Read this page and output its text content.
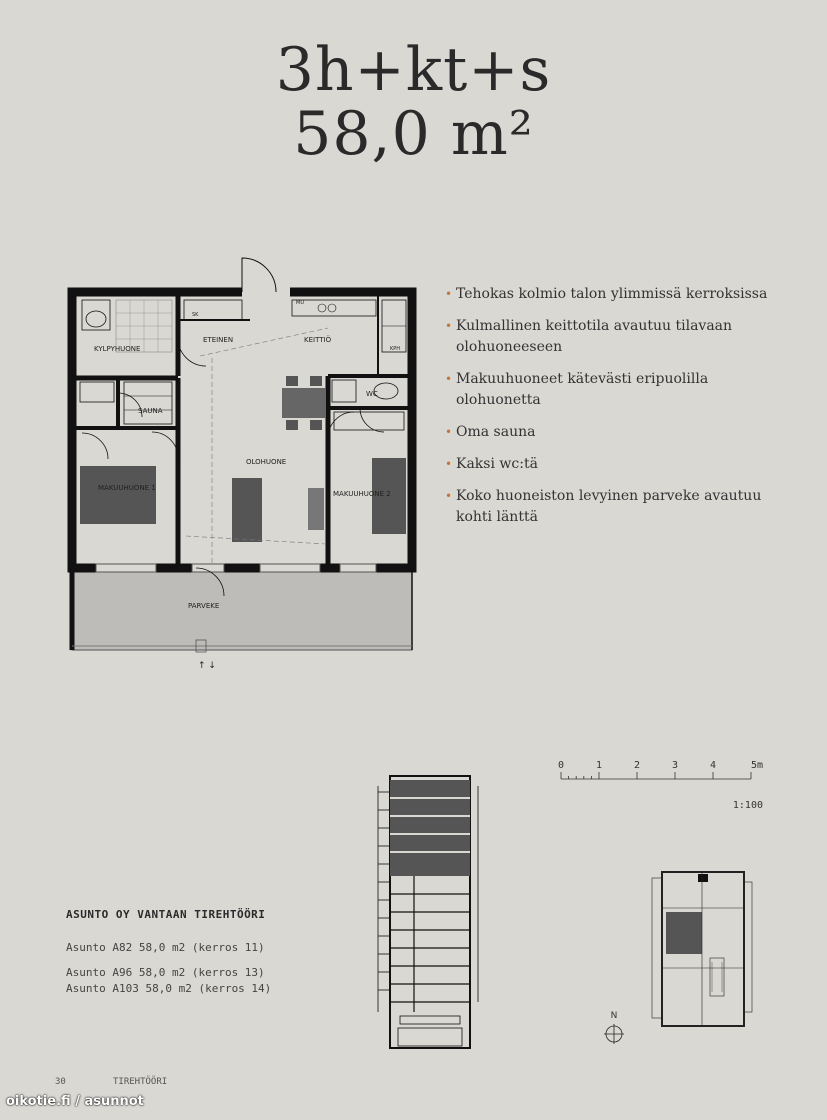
3h+kt+s
58,0 m²
KYLPYHUONE
ETEINEN	KEITTIÖ
SAUNA
WC
OLOHUONE
MAKUUHUONE 1
MAKUUHUONE 2
PARVEKE
SK
MU
KPH
↑ ↓
• Tehokas kolmio talon ylimmissä kerroksissa
• Kulmallinen keittotila avautuu tilavaan olohuoneeseen
• Makuuhuoneet kätevästi eripuolilla olohuonetta
• Oma sauna
• Kaksi wc:tä
• Koko huoneiston levyinen parveke avautuu kohti länttä
0	1	2	3	4	5m
1:100
N

ASUNTO OY VANTAAN TIREHTÖÖRI

Asunto A82 58,0 m2 (kerros 11)
Asunto A96 58,0 m2 (kerros 13)
Asunto A103 58,0 m2 (kerros 14)
30	TIREHTÖÖRI
oikotie.fi / asunnot
